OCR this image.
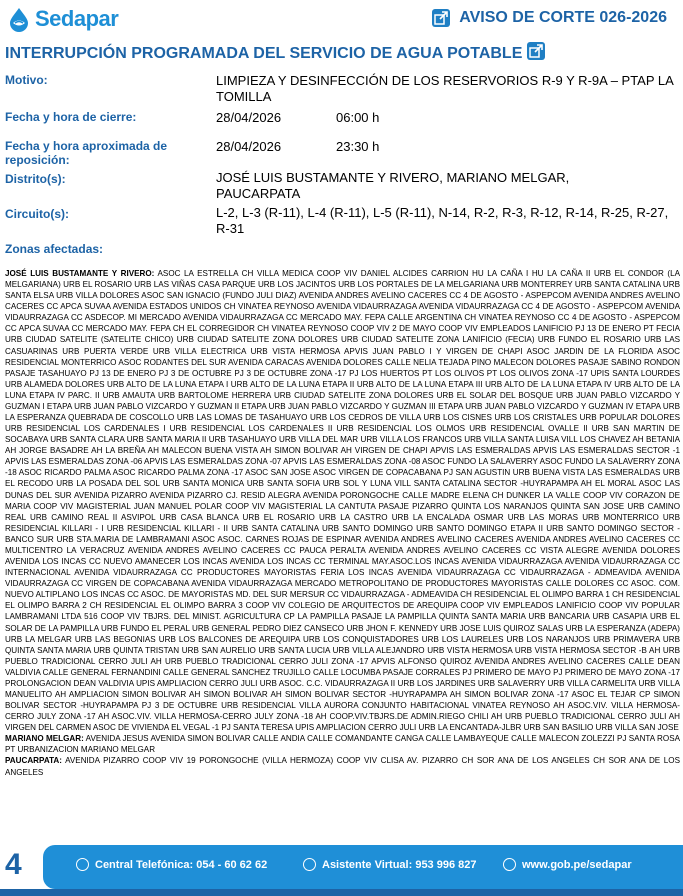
Sedapar	AVISO DE CORTE 026-2026
INTERRUPCIÓN PROGRAMADA DEL SERVICIO DE AGUA POTABLE
Motivo:	LIMPIEZA Y DESINFECCIÓN DE LOS RESERVORIOS R-9 Y R-9A – PTAP LA TOMILLA
Fecha y hora de cierre:	28/04/2026	06:00 h
Fecha y hora aproximada de reposición:
28/04/2026	23:30 h
Distrito(s):	JOSÉ LUIS BUSTAMANTE Y RIVERO, MARIANO MELGAR, PAUCARPATA
Circuito(s):	L-2, L-3 (R-11), L-4 (R-11), L-5 (R-11), N-14, R-2, R-3, R-12, R-14, R-25, R-27, R-31
Zonas afectadas:

JOSÉ LUIS BUSTAMANTE Y RIVERO: ASOC LA ESTRELLA CH VILLA MEDICA COOP VIV DANIEL ALCIDES CARRION HU LA CAÑA I HU LA CAÑA II URB EL CONDOR (LA MELGARIANA) URB EL ROSARIO URB LAS VIÑAS CASA PARQUE URB LOS JACINTOS URB LOS PORTALES DE LA MELGARIANA URB MONTERREY URB SANTA CATALINA URB SANTA ELSA URB VILLA DOLORES ASOC SAN IGNACIO (FUNDO JULI DIAZ) AVENIDA ANDRES AVELINO CACERES CC 4 DE AGOSTO - ASPEPCOM AVENIDA ANDRES AVELINO CACERES CC APCA SUVAA AVENIDA ESTADOS UNIDOS CH VINATEA REYNOSO AVENIDA VIDAURRAZAGA AVENIDA VIDAURRAZAGA CC 4 DE AGOSTO - ASPEPCOM AVENIDA VIDAURRAZAGA CC ASDECOP. MI MERCADO AVENIDA VIDAURRAZAGA CC MERCADO MAY. FEPA CALLE ARGENTINA CH VINATEA REYNOSO CC 4 DE AGOSTO - ASPEPCOM CC APCA SUVAA CC MERCADO MAY. FEPA CH EL CORREGIDOR CH VINATEA REYNOSO COOP VIV 2 DE MAYO COOP VIV EMPLEADOS LANIFICIO PJ 13 DE ENERO PT FECIA URB CIUDAD SATELITE (SATELITE CHICO) URB CIUDAD SATELITE ZONA DOLORES URB CIUDAD SATELITE ZONA LANIFICIO (FECIA) URB FUNDO EL ROSARIO URB LAS CASUARINAS URB PUERTA VERDE URB VILLA ELECTRICA URB VISTA HERMOSA APVIS JUAN PABLO I Y VIRGEN DE CHAPI ASOC JARDIN DE LA FLORIDA ASOC RESIDENCIAL MONTERRICO ASOC RODANTES DEL SUR AVENIDA CARACAS AVENIDA DOLORES CALLE NELIA TEJADA PINO MALECON DOLORES PASAJE SABINO RONDON PASAJE TASAHUAYO PJ 13 DE ENERO PJ 3 DE OCTUBRE PJ 3 DE OCTUBRE ZONA -17 PJ LOS HUERTOS PT LOS OLIVOS PT LOS OLIVOS ZONA -17 UPIS SANTA LOURDES URB ALAMEDA DOLORES URB ALTO DE LA LUNA ETAPA I URB ALTO DE LA LUNA ETAPA II URB ALTO DE LA LUNA ETAPA III URB ALTO DE LA LUNA ETAPA IV URB ALTO DE LA LUNA ETAPA IV PARC. II URB AMAUTA URB BARTOLOME HERRERA URB CIUDAD SATELITE ZONA DOLORES URB EL SOLAR DEL BOSQUE URB JUAN PABLO VIZCARDO Y GUZMAN I ETAPA URB JUAN PABLO VIZCARDO Y GUZMAN II ETAPA URB JUAN PABLO VIZCARDO Y GUZMAN III ETAPA URB JUAN PABLO VIZCARDO Y GUZMAN IV ETAPA URB LA ESPERANZA QUEBRADA DE COSCOLLO URB LAS LOMAS DE TASAHUAYO URB LOS CEDROS DE VILLA URB LOS CISNES URB LOS CRISTALES URB POPULAR DOLORES URB RESIDENCIAL LOS CARDENALES I URB RESIDENCIAL LOS CARDENALES II URB RESIDENCIAL LOS OLMOS URB RESIDENCIAL OVALLE II URB SAN MARTIN DE SOCABAYA URB SANTA CLARA URB SANTA MARIA II URB TASAHUAYO URB VILLA DEL MAR URB VILLA LOS FRANCOS URB VILLA SANTA LUISA VILL LOS CHAVEZ AH BETANIA AH JORGE BASADRE AH LA BREÑA AH MALECON BUENA VISTA AH SIMON BOLIVAR AH VIRGEN DE CHAPI APVIS LAS ESMERALDAS APVIS LAS ESMERALDAS SECTOR -1 APVIS LAS ESMERALDAS ZONA -06 APVIS LAS ESMERALDAS ZONA -07 APVIS LAS ESMERALDAS ZONA -08 ASOC FUNDO LA SALAVERRY ASOC FUNDO LA SALAVERRY ZONA -18 ASOC RICARDO PALMA ASOC RICARDO PALMA ZONA -17 ASOC SAN JOSE ASOC VIRGEN DE COPACABANA PJ SAN AGUSTIN URB BUENA VISTA LAS ESMERALDAS URB EL RECODO URB LA POSADA DEL SOL URB SANTA MONICA URB SANTA SOFIA URB SOL Y LUNA VILL SANTA CATALINA SECTOR -HUYRAPAMPA AH EL MORAL ASOC LAS DUNAS DEL SUR AVENIDA PIZARRO AVENIDA PIZARRO CJ. RESID ALEGRA AVENIDA PORONGOCHE CALLE MADRE ELENA CH DUNKER LA VALLE COOP VIV CORAZON DE MARIA COOP VIV MAGISTERIAL JUAN MANUEL POLAR COOP VIV MAGISTERIAL LA CANTUTA PASAJE PIZARRO QUINTA LOS NARANJOS QUINTA SAN JOSE URB CAMINO REAL URB CAMINO REAL II ASVIPOL URB CASA BLANCA URB EL ROSARIO URB LA CASTRO URB LA ENCALADA OSMAR URB LAS MORAS URB MONTERRICO URB RESIDENCIAL KILLARI - I URB RESIDENCIAL KILLARI - II URB SANTA CATALINA URB SANTO DOMINGO URB SANTO DOMINGO ETAPA II URB SANTO DOMINGO SECTOR -BANCO SUR URB STA.MARIA DE LAMBRAMANI ASOC ASOC. CARNES ROJAS DE ESPINAR AVENIDA ANDRES AVELINO CACERES AVENIDA ANDRES AVELINO CACERES CC MULTICENTRO LA VERACRUZ AVENIDA ANDRES AVELINO CACERES CC PAUCA PERALTA AVENIDA ANDRES AVELINO CACERES CC VISTA ALEGRE AVENIDA DOLORES AVENIDA LOS INCAS CC NUEVO AMANECER LOS INCAS AVENIDA LOS INCAS CC TERMINAL MAY.ASOC.LOS INCAS AVENIDA VIDAURRAZAGA AVENIDA VIDAURRAZAGA CC INTERNACIONAL AVENIDA VIDAURRAZAGA CC PRODUCTORES MAYORISTAS FERIA LOS INCAS AVENIDA VIDAURRAZAGA CC VIDAURRAZAGA - ADMEAVIDA AVENIDA VIDAURRAZAGA CC VIRGEN DE COPACABANA AVENIDA VIDAURRAZAGA MERCADO METROPOLITANO DE PRODUCTORES MAYORISTAS CALLE DOLORES CC ASOC. COM. NUEVO ALTIPLANO LOS INCAS CC ASOC. DE MAYORISTAS MD. DEL SUR MERSUR CC VIDAURRAZAGA - ADMEAVIDA CH RESIDENCIAL EL OLIMPO BARRA 1 CH RESIDENCIAL EL OLIMPO BARRA 2 CH RESIDENCIAL EL OLIMPO BARRA 3 COOP VIV COLEGIO DE ARQUITECTOS DE AREQUIPA COOP VIV EMPLEADOS LANIFICIO COOP VIV POPULAR LAMBRAMANI LTDA 516 COOP VIV TBJRS. DEL MINIST. AGRICULTURA CP LA PAMPILLA PASAJE LA PAMPILLA QUINTA SANTA MARIA URB BANCARIA URB CASAPIA URB EL SOLAR DE LA PAMPILLA URB FUNDO EL PERAL URB GENERAL PEDRO DIEZ CANSECO URB JHON F. KENNEDY URB JOSE LUIS QUIROZ SALAS URB LA ESPERANZA (ADEPA) URB LA MELGAR URB LAS BEGONIAS URB LOS BALCONES DE AREQUIPA URB LOS CONQUISTADORES URB LOS LAURELES URB LOS NARANJOS URB PRIMAVERA URB QUINTA SANTA MARIA URB QUINTA TRISTAN URB SAN AURELIO URB SANTA LUCIA URB VILLA ALEJANDRO URB VISTA HERMOSA URB VISTA HERMOSA SECTOR -B AH URB PUEBLO TRADICIONAL CERRO JULI AH URB PUEBLO TRADICIONAL CERRO JULI ZONA -17 APVIS ALFONSO QUIROZ AVENIDA ANDRES AVELINO CACERES CALLE DEAN VALDIVIA CALLE GENERAL FERNANDINI CALLE GENERAL SANCHEZ TRUJILLO CALLE LOCUMBA PASAJE CORRALES PJ PRIMERO DE MAYO PJ PRIMERO DE MAYO ZONA -17 PROLONGACION DEAN VALDIVIA UPIS AMPLIACION CERRO JULI URB ASOC. C.C. VIDAURRAZAGA II URB LOS JARDINES URB SALAVERRY URB VILLA CARMELITA URB VILLA MANUELITO AH AMPLIACION SIMON BOLIVAR AH SIMON BOLIVAR AH SIMON BOLIVAR SECTOR -HUYRAPAMPA AH SIMON BOLIVAR ZONA -17 ASOC EL TEJAR CP SIMON BOLIVAR SECTOR -HUYRAPAMPA PJ 3 DE OCTUBRE URB RESIDENCIAL VILLA AURORA CONJUNTO HABITACIONAL VINATEA REYNOSO AH ASOC.VIV. VILLA HERMOSA-CERRO JULY ZONA -17 AH ASOC.VIV. VILLA HERMOSA-CERRO JULY ZONA -18 AH COOP.VIV.TBJRS.DE ADMIN.RIEGO CHILI AH URB PUEBLO TRADICIONAL CERRO JULI AH VIRGEN DEL CARMEN ASOC DE VIVIENDA EL VEGAL -1 PJ SANTA TERESA UPIS AMPLIACION CERRO JULI URB LA ENCANTADA-JLBR URB SAN BASILIO URB VILLA SAN JOSE

MARIANO MELGAR: AVENIDA JESUS AVENIDA SIMON BOLIVAR CALLE ANDIA CALLE COMANDANTE CANGA CALLE LAMBAYEQUE CALLE MALECON ZOLEZZI PJ SANTA ROSA PT URBANIZACION MARIANO MELGAR

PAUCARPATA: AVENIDA PIZARRO COOP VIV 19 PORONGOCHE (VILLA HERMOZA) COOP VIV CLISA AV. PIZARRO CH SOR ANA DE LOS ANGELES CH SOR ANA DE LOS ANGELES

4	Central Telefónica: 054 - 60 62 62	Asistente Virtual: 953 996 827	www.gob.pe/sedapar
